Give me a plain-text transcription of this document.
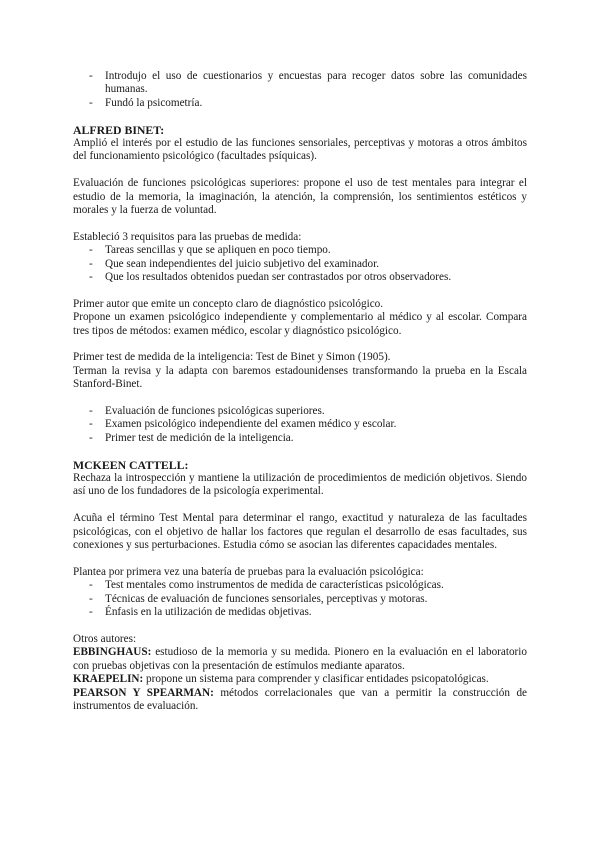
- Introdujo el uso de cuestionarios y encuestas para recoger datos sobre las comunidades humanas.
- Fundó la psicometría.

ALFRED BINET:

Amplió el interés por el estudio de las funciones sensoriales, perceptivas y motoras a otros ámbitos del funcionamiento psicológico (facultades psíquicas).

Evaluación de funciones psicológicas superiores: propone el uso de test mentales para integrar el estudio de la memoria, la imaginación, la atención, la comprensión, los sentimientos estéticos y morales y la fuerza de voluntad.

Estableció 3 requisitos para las pruebas de medida:

- Tareas sencillas y que se apliquen en poco tiempo.
- Que sean independientes del juicio subjetivo del examinador.
- Que los resultados obtenidos puedan ser contrastados por otros observadores.

Primer autor que emite un concepto claro de diagnóstico psicológico.

Propone un examen psicológico independiente y complementario al médico y al escolar. Compara tres tipos de métodos: examen médico, escolar y diagnóstico psicológico.

Primer test de medida de la inteligencia: Test de Binet y Simon (1905).

Terman la revisa y la adapta con baremos estadounidenses transformando la prueba en la Escala Stanford-Binet.

- Evaluación de funciones psicológicas superiores.
- Examen psicológico independiente del examen médico y escolar.
- Primer test de medición de la inteligencia.

MCKEEN CATTELL:

Rechaza la introspección y mantiene la utilización de procedimientos de medición objetivos. Siendo así uno de los fundadores de la psicología experimental.

Acuña el término Test Mental para determinar el rango, exactitud y naturaleza de las facultades psicológicas, con el objetivo de hallar los factores que regulan el desarrollo de esas facultades, sus conexiones y sus perturbaciones. Estudia cómo se asocian las diferentes capacidades mentales.

Plantea por primera vez una batería de pruebas para la evaluación psicológica:

- Test mentales como instrumentos de medida de características psicológicas.
- Técnicas de evaluación de funciones sensoriales, perceptivas y motoras.
- Énfasis en la utilización de medidas objetivas.

Otros autores:

EBBINGHAUS: estudioso de la memoria y su medida. Pionero en la evaluación en el laboratorio con pruebas objetivas con la presentación de estímulos mediante aparatos.

KRAEPELIN: propone un sistema para comprender y clasificar entidades psicopatológicas.

PEARSON Y SPEARMAN: métodos correlacionales que van a permitir la construcción de instrumentos de evaluación.
